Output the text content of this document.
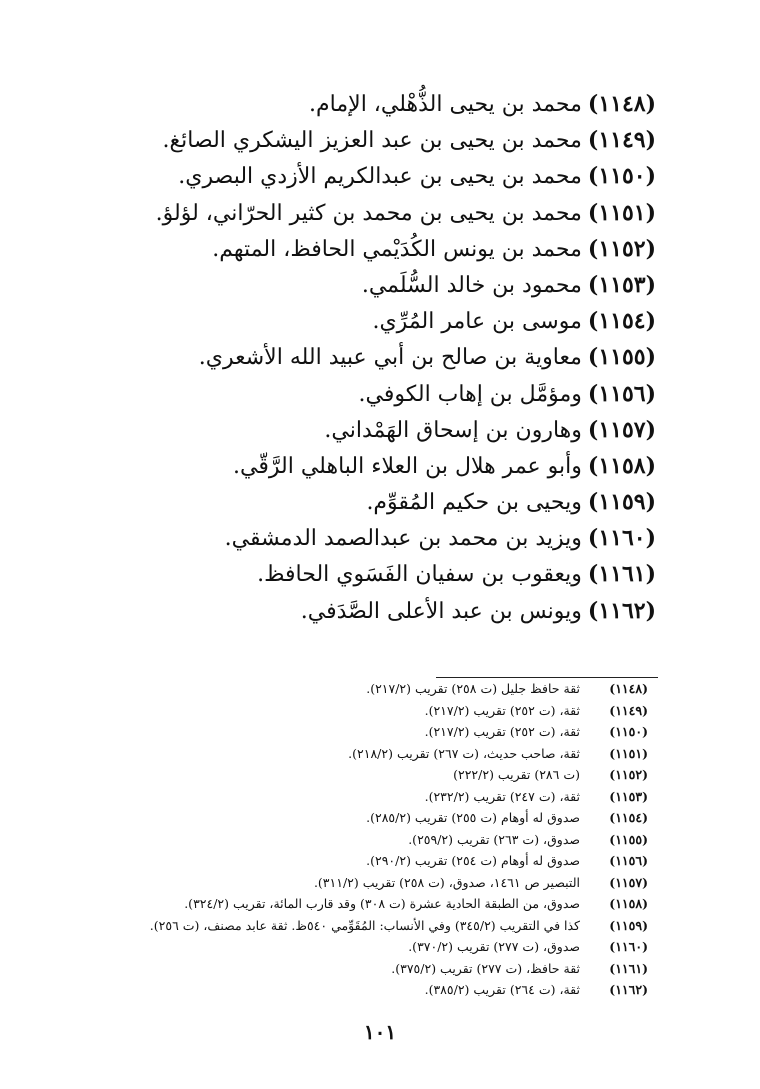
(١١٤٨)محمد بن يحيى الذُّهْلي، الإمام.
(١١٤٩)محمد بن يحيى بن عبد العزيز اليشكري الصائغ.
(١١٥٠)محمد بن يحيى بن عبدالكريم الأزدي البصري.
(١١٥١)محمد بن يحيى بن محمد بن كثير الحرّاني، لؤلؤ.
(١١٥٢)محمد بن يونس الكُدَيْمي الحافظ، المتهم.
(١١٥٣)محمود بن خالد السُّلَمي.
(١١٥٤)موسى بن عامر المُرِّي.
(١١٥٥)معاوية بن صالح بن أبي عبيد الله الأشعري.
(١١٥٦)ومؤمَّل بن إهاب الكوفي.
(١١٥٧)وهارون بن إسحاق الهَمْداني.
(١١٥٨)وأبو عمر هلال بن العلاء الباهلي الرَّقّي.
(١١٥٩)ويحيى بن حكيم المُقوِّم.
(١١٦٠)ويزيد بن محمد بن عبدالصمد الدمشقي.
(١١٦١)ويعقوب بن سفيان الفَسَوي الحافظ.
(١١٦٢)ويونس بن عبد الأعلى الصَّدَفي.
(١١٤٨)
ثقة حافظ جليل (ت ٢٥٨) تقريب (٢١٧/٢).
(١١٤٩)
ثقة، (ت ٢٥٢) تقريب (٢١٧/٢).
(١١٥٠)
ثقة، (ت ٢٥٢) تقريب (٢١٧/٢).
(١١٥١)
ثقة، صاحب حديث، (ت ٢٦٧) تقريب (٢١٨/٢).
(١١٥٢)
(ت ٢٨٦) تقريب (٢٢٢/٢)
(١١٥٣)
ثقة، (ت ٢٤٧) تقريب (٢٣٢/٢).
(١١٥٤)
صدوق له أوهام (ت ٢٥٥) تقريب (٢٨٥/٢).
(١١٥٥)
صدوق، (ت ٢٦٣) تقريب (٢٥٩/٢).
(١١٥٦)
صدوق له أوهام (ت ٢٥٤) تقريب (٢٩٠/٢).
(١١٥٧)
التبصير ص ١٤٦١، صدوق، (ت ٢٥٨) تقريب (٣١١/٢).
(١١٥٨)
صدوق، من الطبقة الحادية عشرة (ت ٣٠٨) وقد قارب المائة، تقريب (٣٢٤/٢).
(١١٥٩)
كذا في التقريب (٣٤٥/٢) وفي الأنساب: المُقَوِّمي ٥٤٠ظ. ثقة عابد مصنف، (ت ٢٥٦).
(١١٦٠)
صدوق، (ت ٢٧٧) تقريب (٣٧٠/٢).
(١١٦١)
ثقة حافظ، (ت ٢٧٧) تقريب (٣٧٥/٢).
(١١٦٢)
ثقة، (ت ٢٦٤) تقريب (٣٨٥/٢).
١٠١
